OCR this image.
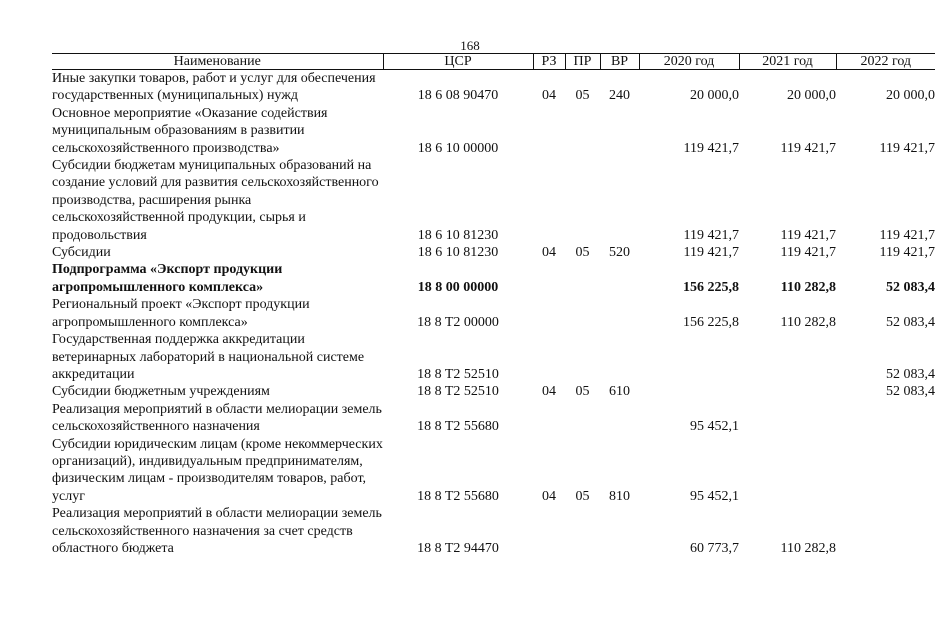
168
Наименование	ЦСР	РЗ	ПР	ВР	2020 год	2021 год	2022 год
Иные закупки товаров, работ и услуг для обеспечения государственных (муниципальных) нужд	18 6 08 90470	04	05	240	20 000,0	20 000,0	20 000,0
Основное мероприятие «Оказание содействия муниципальным образованиям в развитии сельскохозяйственного производства»	18 6 10 00000				119 421,7	119 421,7	119 421,7
Субсидии бюджетам муниципальных образований на создание условий для развития сельскохозяйственного производства, расширения рынка сельскохозяйственной продукции, сырья и продовольствия	18 6 10 81230				119 421,7	119 421,7	119 421,7
Субсидии	18 6 10 81230	04	05	520	119 421,7	119 421,7	119 421,7
Подпрограмма «Экспорт продукции агропромышленного комплекса»	18 8 00 00000				156 225,8	110 282,8	52 083,4
Региональный проект «Экспорт продукции агропромышленного комплекса»	18 8 T2 00000				156 225,8	110 282,8	52 083,4
Государственная поддержка аккредитации ветеринарных лабораторий в национальной системе аккредитации	18 8 T2 52510						52 083,4
Субсидии бюджетным учреждениям	18 8 T2 52510	04	05	610			52 083,4
Реализация мероприятий в области мелиорации земель сельскохозяйственного назначения	18 8 T2 55680				95 452,1		
Субсидии юридическим лицам (кроме некоммерческих организаций), индивидуальным предпринимателям, физическим лицам - производителям товаров, работ, услуг	18 8 T2 55680	04	05	810	95 452,1		
Реализация мероприятий в области мелиорации земель сельскохозяйственного назначения за счет средств областного бюджета	18 8 T2 94470				60 773,7	110 282,8	
